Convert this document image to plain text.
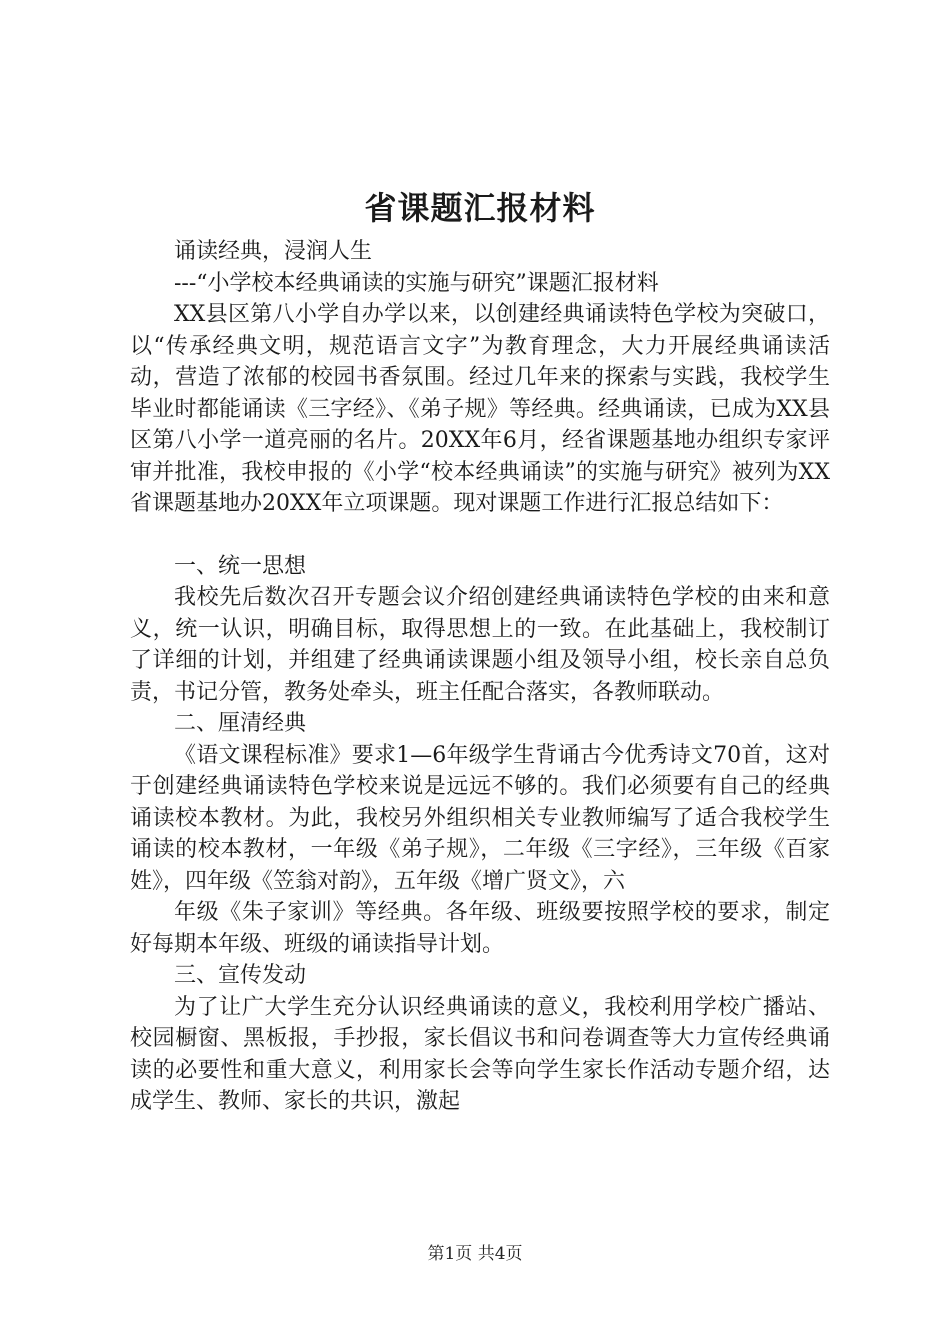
省课题汇报材料

诵读经典，浸润人生

---“小学校本经典诵读的实施与研究”课题汇报材料

XX县区第八小学自办学以来，以创建经典诵读特色学校为突破口，以“传承经典文明，规范语言文字”为教育理念，大力开展经典诵读活动，营造了浓郁的校园书香氛围。经过几年来的探索与实践，我校学生毕业时都能诵读《三字经》、《弟子规》等经典。经典诵读，已成为XX县区第八小学一道亮丽的名片。20XX年6月，经省课题基地办组织专家评审并批准，我校申报的《小学“校本经典诵读”的实施与研究》被列为XX省课题基地办20XX年立项课题。现对课题工作进行汇报总结如下：

一、统一思想

我校先后数次召开专题会议介绍创建经典诵读特色学校的由来和意义，统一认识，明确目标，取得思想上的一致。在此基础上，我校制订了详细的计划，并组建了经典诵读课题小组及领导小组，校长亲自总负责，书记分管，教务处牵头，班主任配合落实，各教师联动。

二、厘清经典

《语文课程标准》要求1—6年级学生背诵古今优秀诗文70首，这对于创建经典诵读特色学校来说是远远不够的。我们必须要有自己的经典诵读校本教材。为此，我校另外组织相关专业教师编写了适合我校学生诵读的校本教材，一年级《弟子规》，二年级《三字经》，三年级《百家姓》，四年级《笠翁对韵》，五年级《增广贤文》，六

年级《朱子家训》等经典。各年级、班级要按照学校的要求，制定好每期本年级、班级的诵读指导计划。

三、宣传发动

为了让广大学生充分认识经典诵读的意义，我校利用学校广播站、校园橱窗、黑板报，手抄报，家长倡议书和问卷调查等大力宣传经典诵读的必要性和重大意义，利用家长会等向学生家长作活动专题介绍，达成学生、教师、家长的共识，激起

第1页 共4页
